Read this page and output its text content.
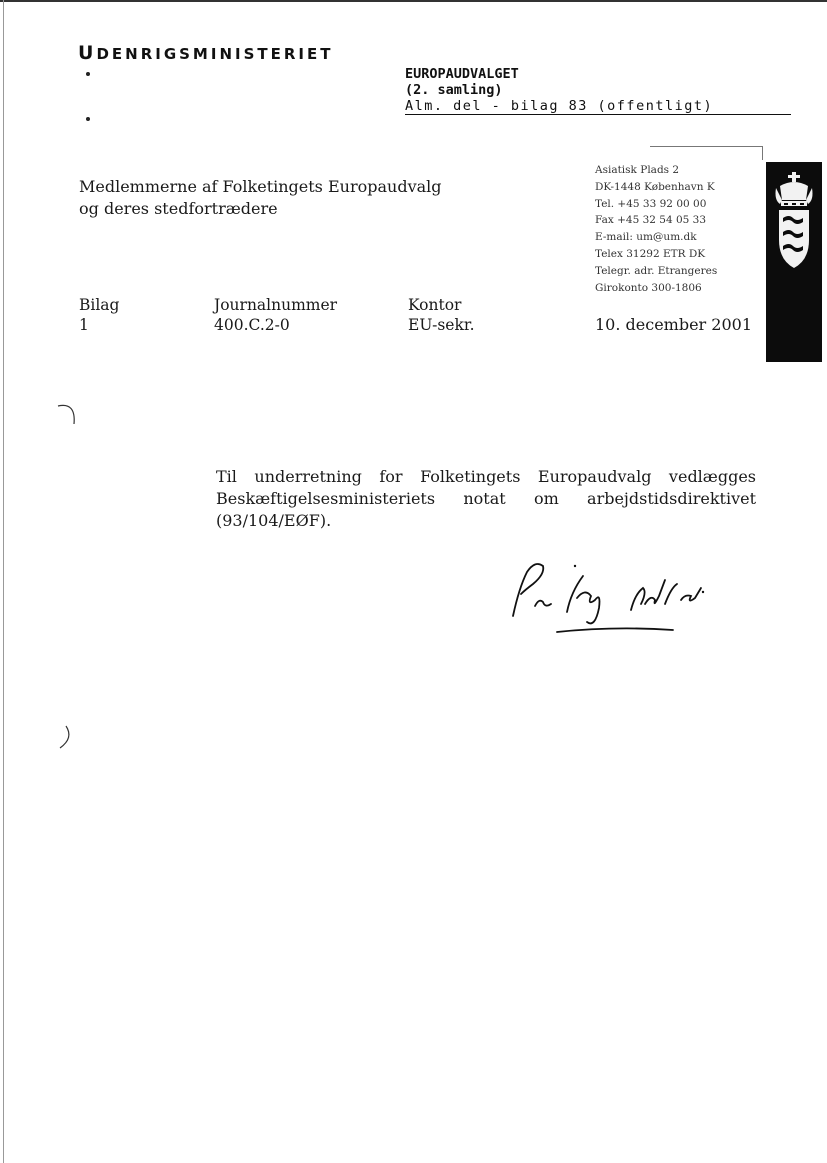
UDENRIGSMINISTERIET
EUROPAUDVALGET
(2. samling)
Alm. del - bilag 83 (offentligt)
Medlemmerne af Folketingets Europaudvalg
og deres stedfortrædere
Asiatisk Plads 2
DK-1448 København K
Tel. +45 33 92 00 00
Fax +45 32 54 05 33
E-mail: um@um.dk
Telex 31292 ETR DK
Telegr. adr. Etrangeres
Girokonto 300-1806
Bilag
1
Journalnummer
400.C.2-0
Kontor
EU-sekr.	10. december 2001
Til underretning for Folketingets Europaudvalg vedlægges Beskæftigelsesministeriets notat om arbejdstidsdirektivet (93/104/EØF).
